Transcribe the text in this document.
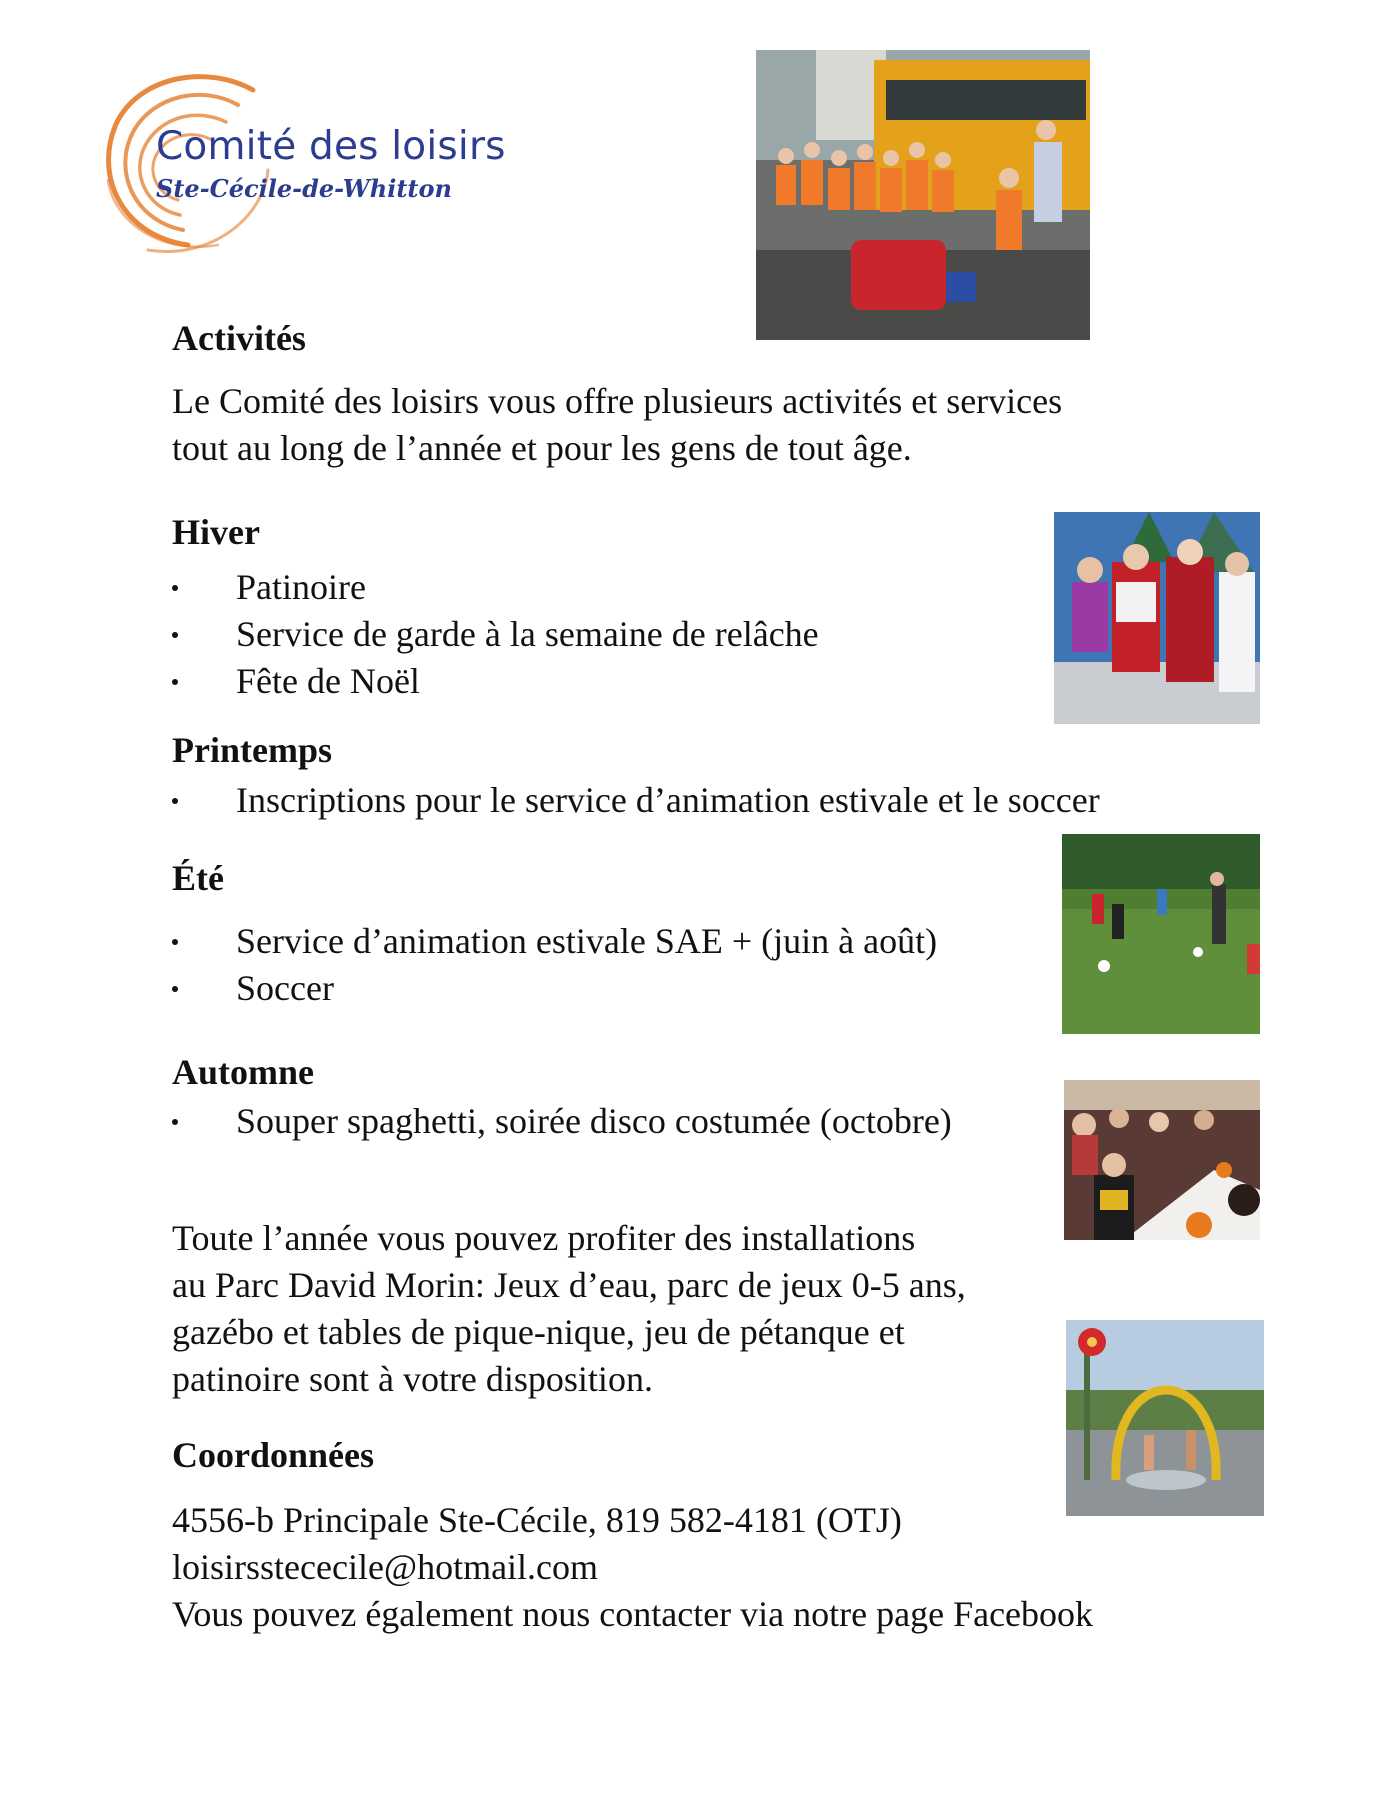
Comité des loisirs
Ste-Cécile-de-Whitton
Activités
Le Comité des loisirs vous offre plusieurs activités et services
tout au long de l’année et pour les gens de tout âge.
Hiver
Patinoire
Service de garde à la semaine de relâche
Fête de Noël
Printemps
Inscriptions pour le service d’animation estivale et le soccer
Été
Service d’animation estivale SAE + (juin à août)
Soccer
Automne
Souper spaghetti, soirée disco costumée (octobre)
Toute l’année vous pouvez profiter des installations
au Parc David Morin: Jeux d’eau, parc de jeux 0-5 ans,
gazébo et tables de pique-nique, jeu de pétanque et
patinoire sont à votre disposition.
Coordonnées
4556-b Principale Ste-Cécile, 819 582-4181 (OTJ)
loisirsstececile@hotmail.com
Vous pouvez également nous contacter via notre page Facebook
